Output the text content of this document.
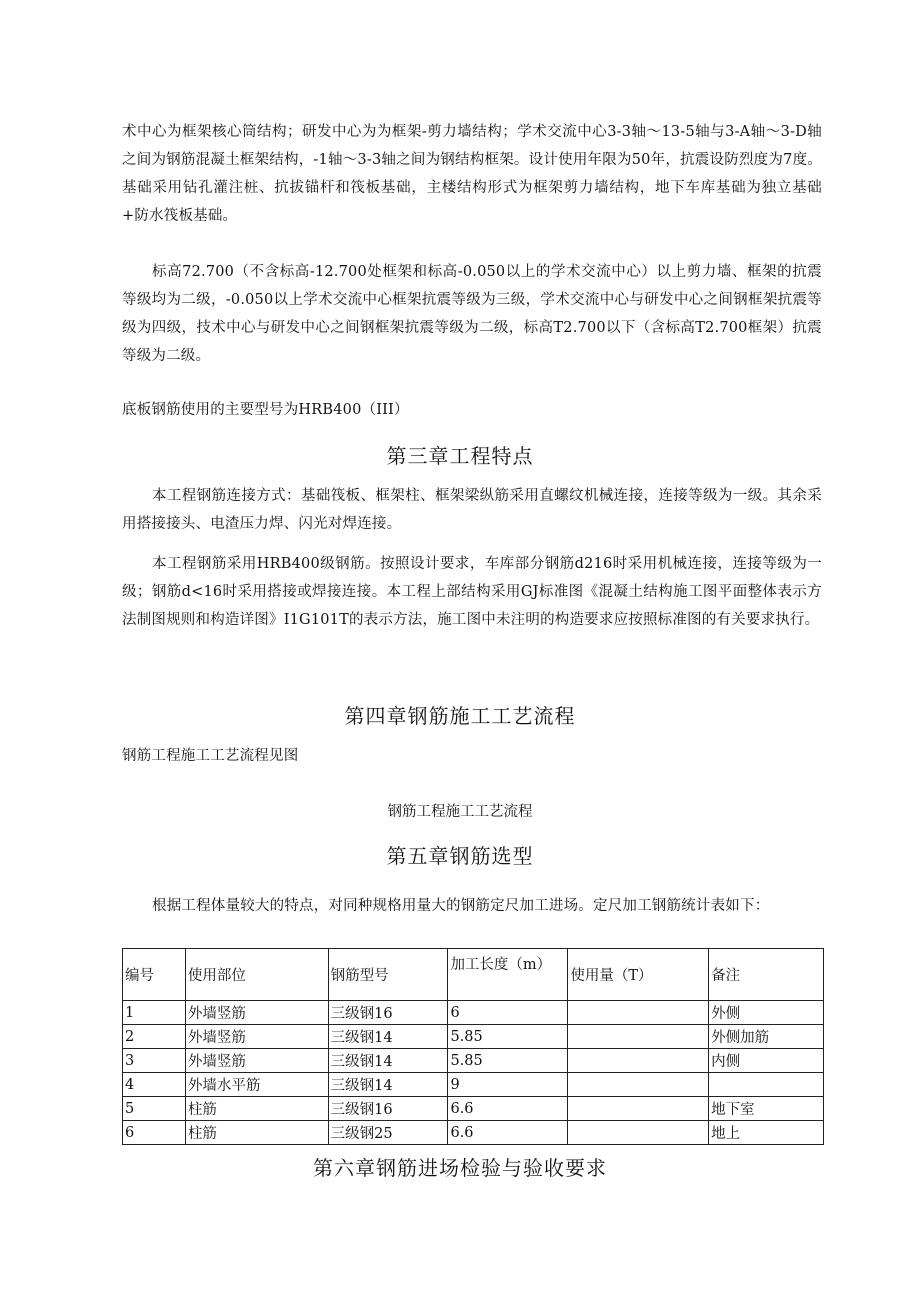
术中心为框架核心筒结构；研发中心为为框架-剪力墙结构；学术交流中心3-3轴～13-5轴与3-A轴～3-D轴之间为钢筋混凝土框架结构，-1轴～3-3轴之间为钢结构框架。设计使用年限为50年，抗震设防烈度为7度。基础采用钻孔灌注桩、抗拔锚杆和筏板基础，主楼结构形式为框架剪力墙结构，地下车库基础为独立基础+防水筏板基础。

标高72.700（不含标高-12.700处框架和标高-0.050以上的学术交流中心）以上剪力墙、框架的抗震等级均为二级，-0.050以上学术交流中心框架抗震等级为三级，学术交流中心与研发中心之间钢框架抗震等级为四级，技术中心与研发中心之间钢框架抗震等级为二级，标高T2.700以下（含标高T2.700框架）抗震等级为二级。

底板钢筋使用的主要型号为HRB400（III）

第三章工程特点

本工程钢筋连接方式：基础筏板、框架柱、框架梁纵筋采用直螺纹机械连接，连接等级为一级。其余采用搭接接头、电渣压力焊、闪光对焊连接。

本工程钢筋采用HRB400级钢筋。按照设计要求，车库部分钢筋d216时采用机械连接，连接等级为一级；钢筋d<16时采用搭接或焊接连接。本工程上部结构采用GJ标准图《混凝土结构施工图平面整体表示方法制图规则和构造详图》I1G101T的表示方法，施工图中未注明的构造要求应按照标准图的有关要求执行。

第四章钢筋施工工艺流程

钢筋工程施工工艺流程见图

钢筋工程施工工艺流程

第五章钢筋选型

根据工程体量较大的特点，对同种规格用量大的钢筋定尺加工进场。定尺加工钢筋统计表如下：

编号	使用部位	钢筋型号	加工长度（m）	使用量（T）	备注
1	外墙竖筋	三级钢16	6		外侧
2	外墙竖筋	三级钢14	5.85		外侧加筋
3	外墙竖筋	三级钢14	5.85		内侧
4	外墙水平筋	三级钢14	9		
5	柱筋	三级钢16	6.6		地下室
6	柱筋	三级钢25	6.6		地上
第六章钢筋进场检验与验收要求
